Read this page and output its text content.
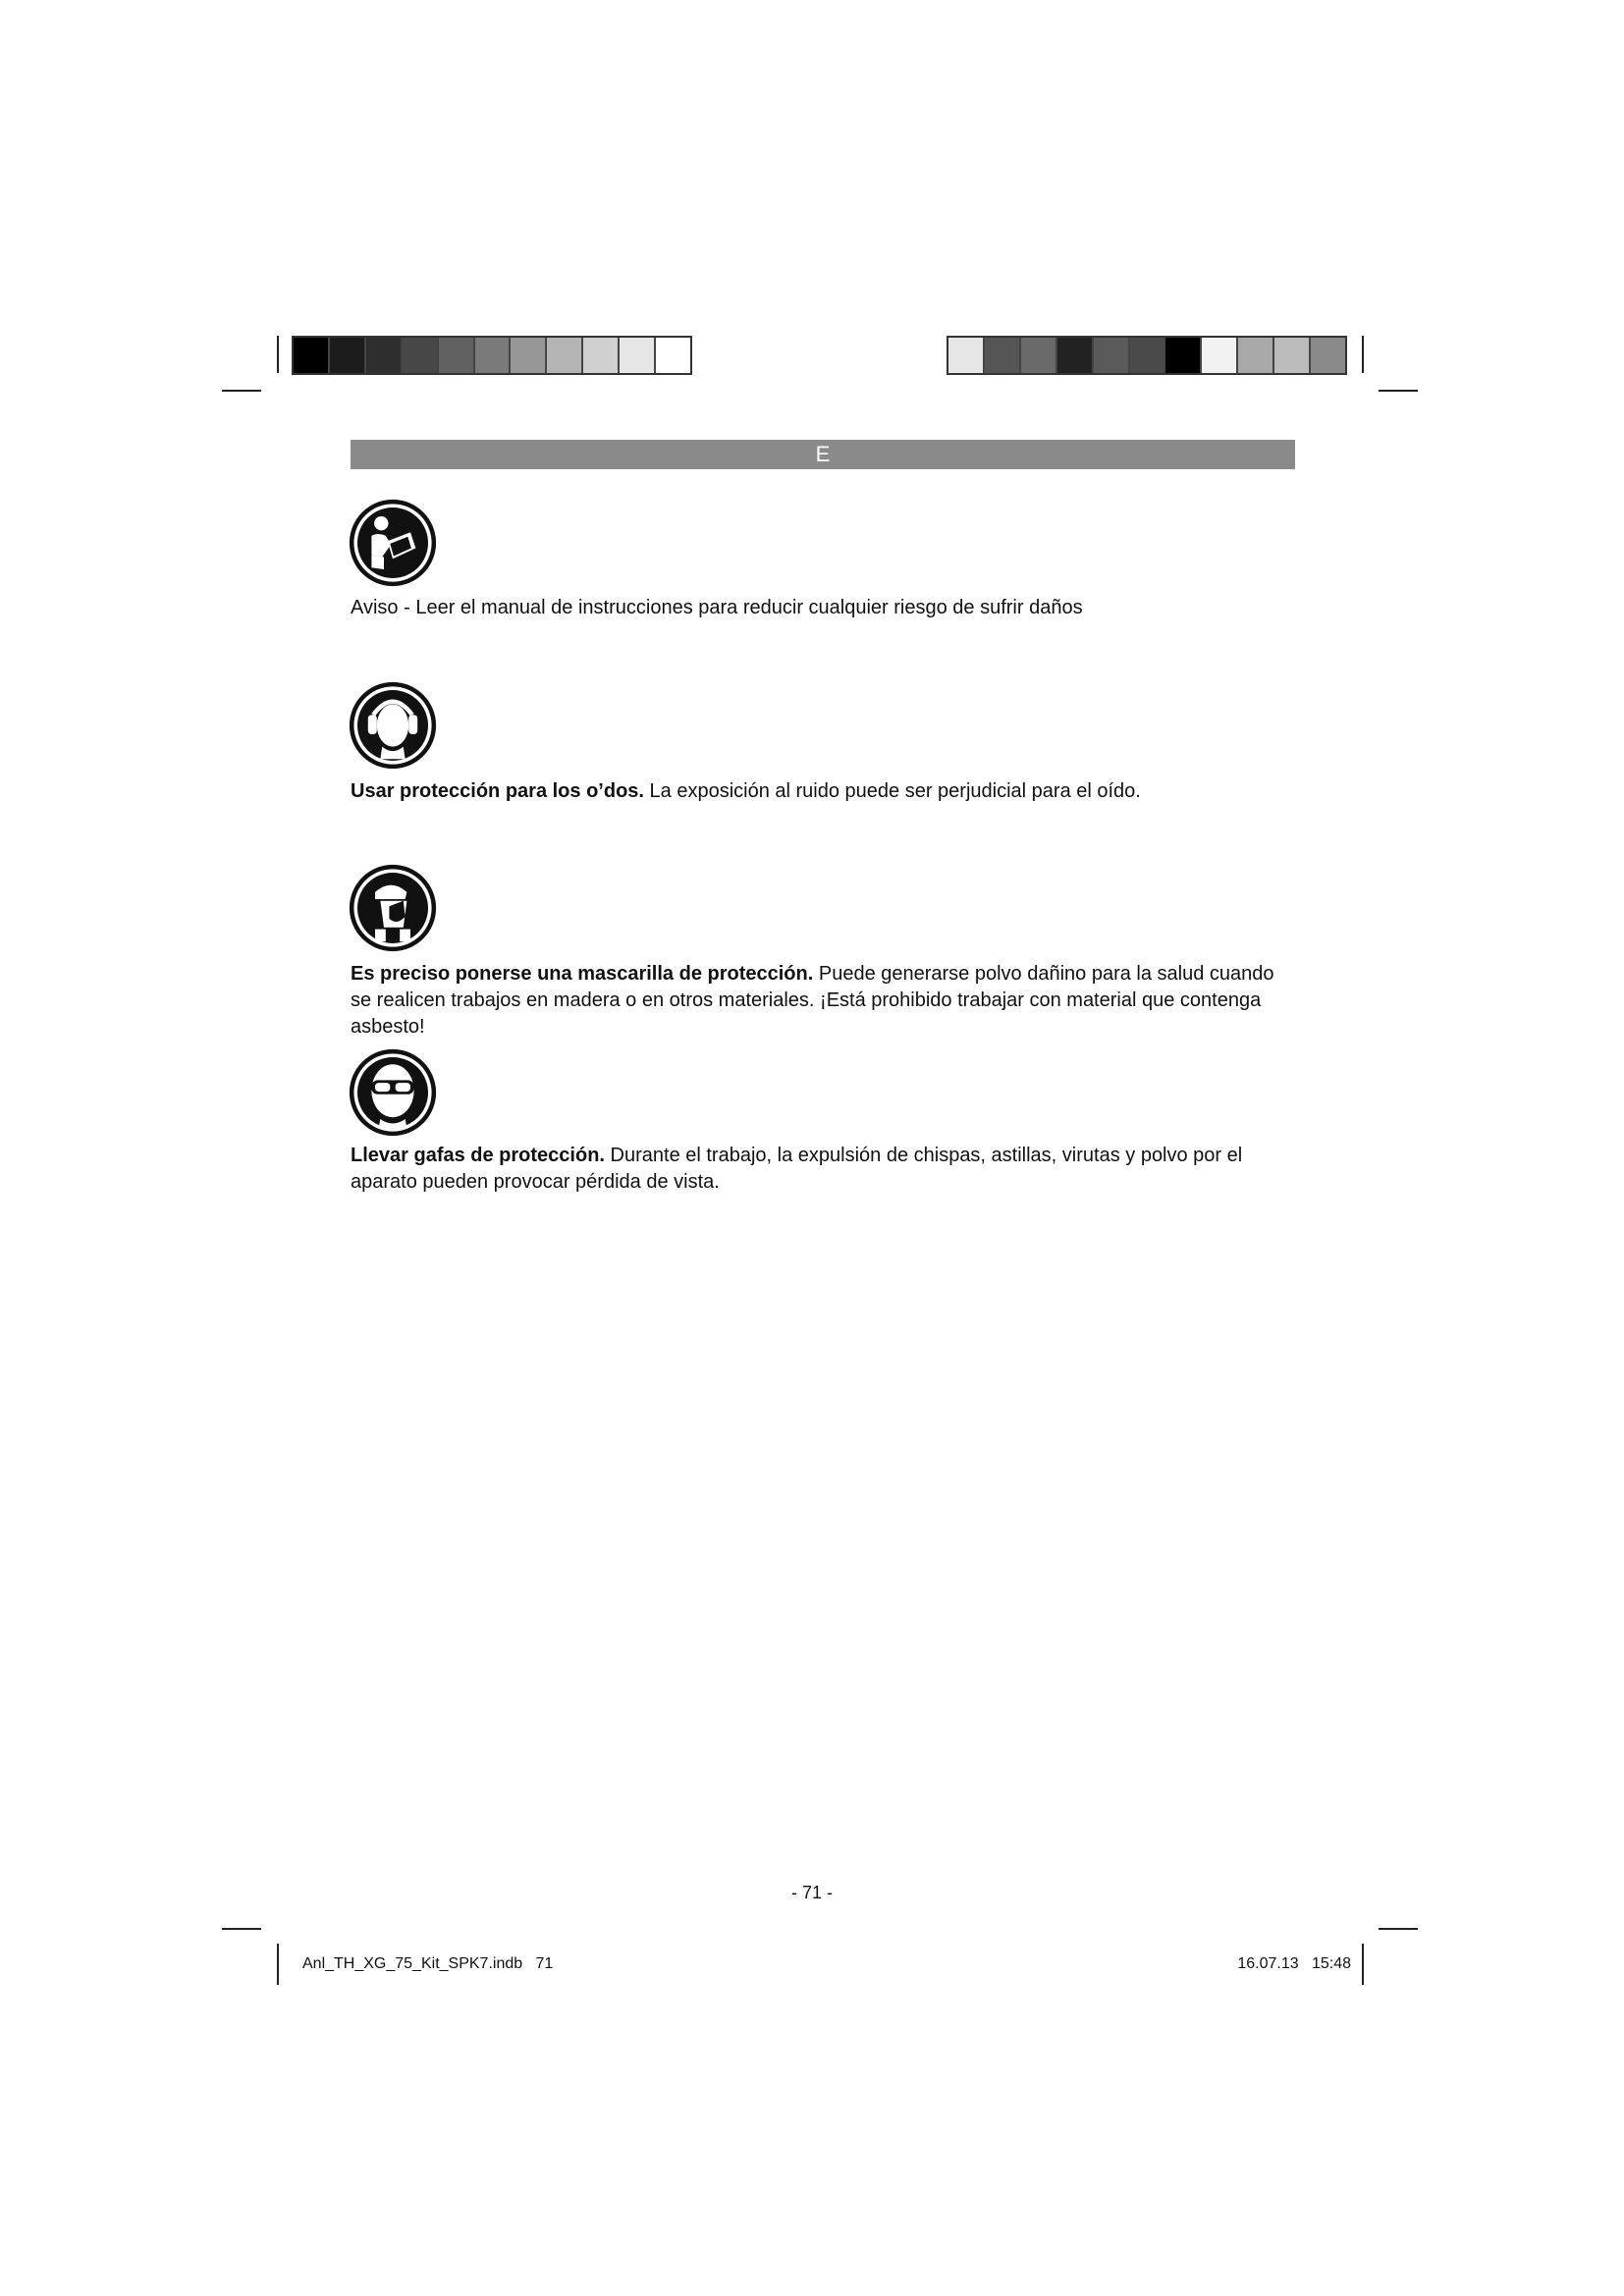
E
Aviso - Leer el manual de instrucciones para reducir cualquier riesgo de sufrir daños
Usar protección para los o’dos. La exposición al ruido puede ser perjudicial para el oído.
Es preciso ponerse una mascarilla de protección. Puede generarse polvo dañino para la salud cuando se realicen trabajos en madera o en otros materiales. ¡Está prohibido trabajar con material que contenga asbesto!
Llevar gafas de protección. Durante el trabajo, la expulsión de chispas, astillas, virutas y polvo por el aparato pueden provocar pérdida de vista.
- 71 -
Anl_TH_XG_75_Kit_SPK7.indb 71	16.07.13 15:48
